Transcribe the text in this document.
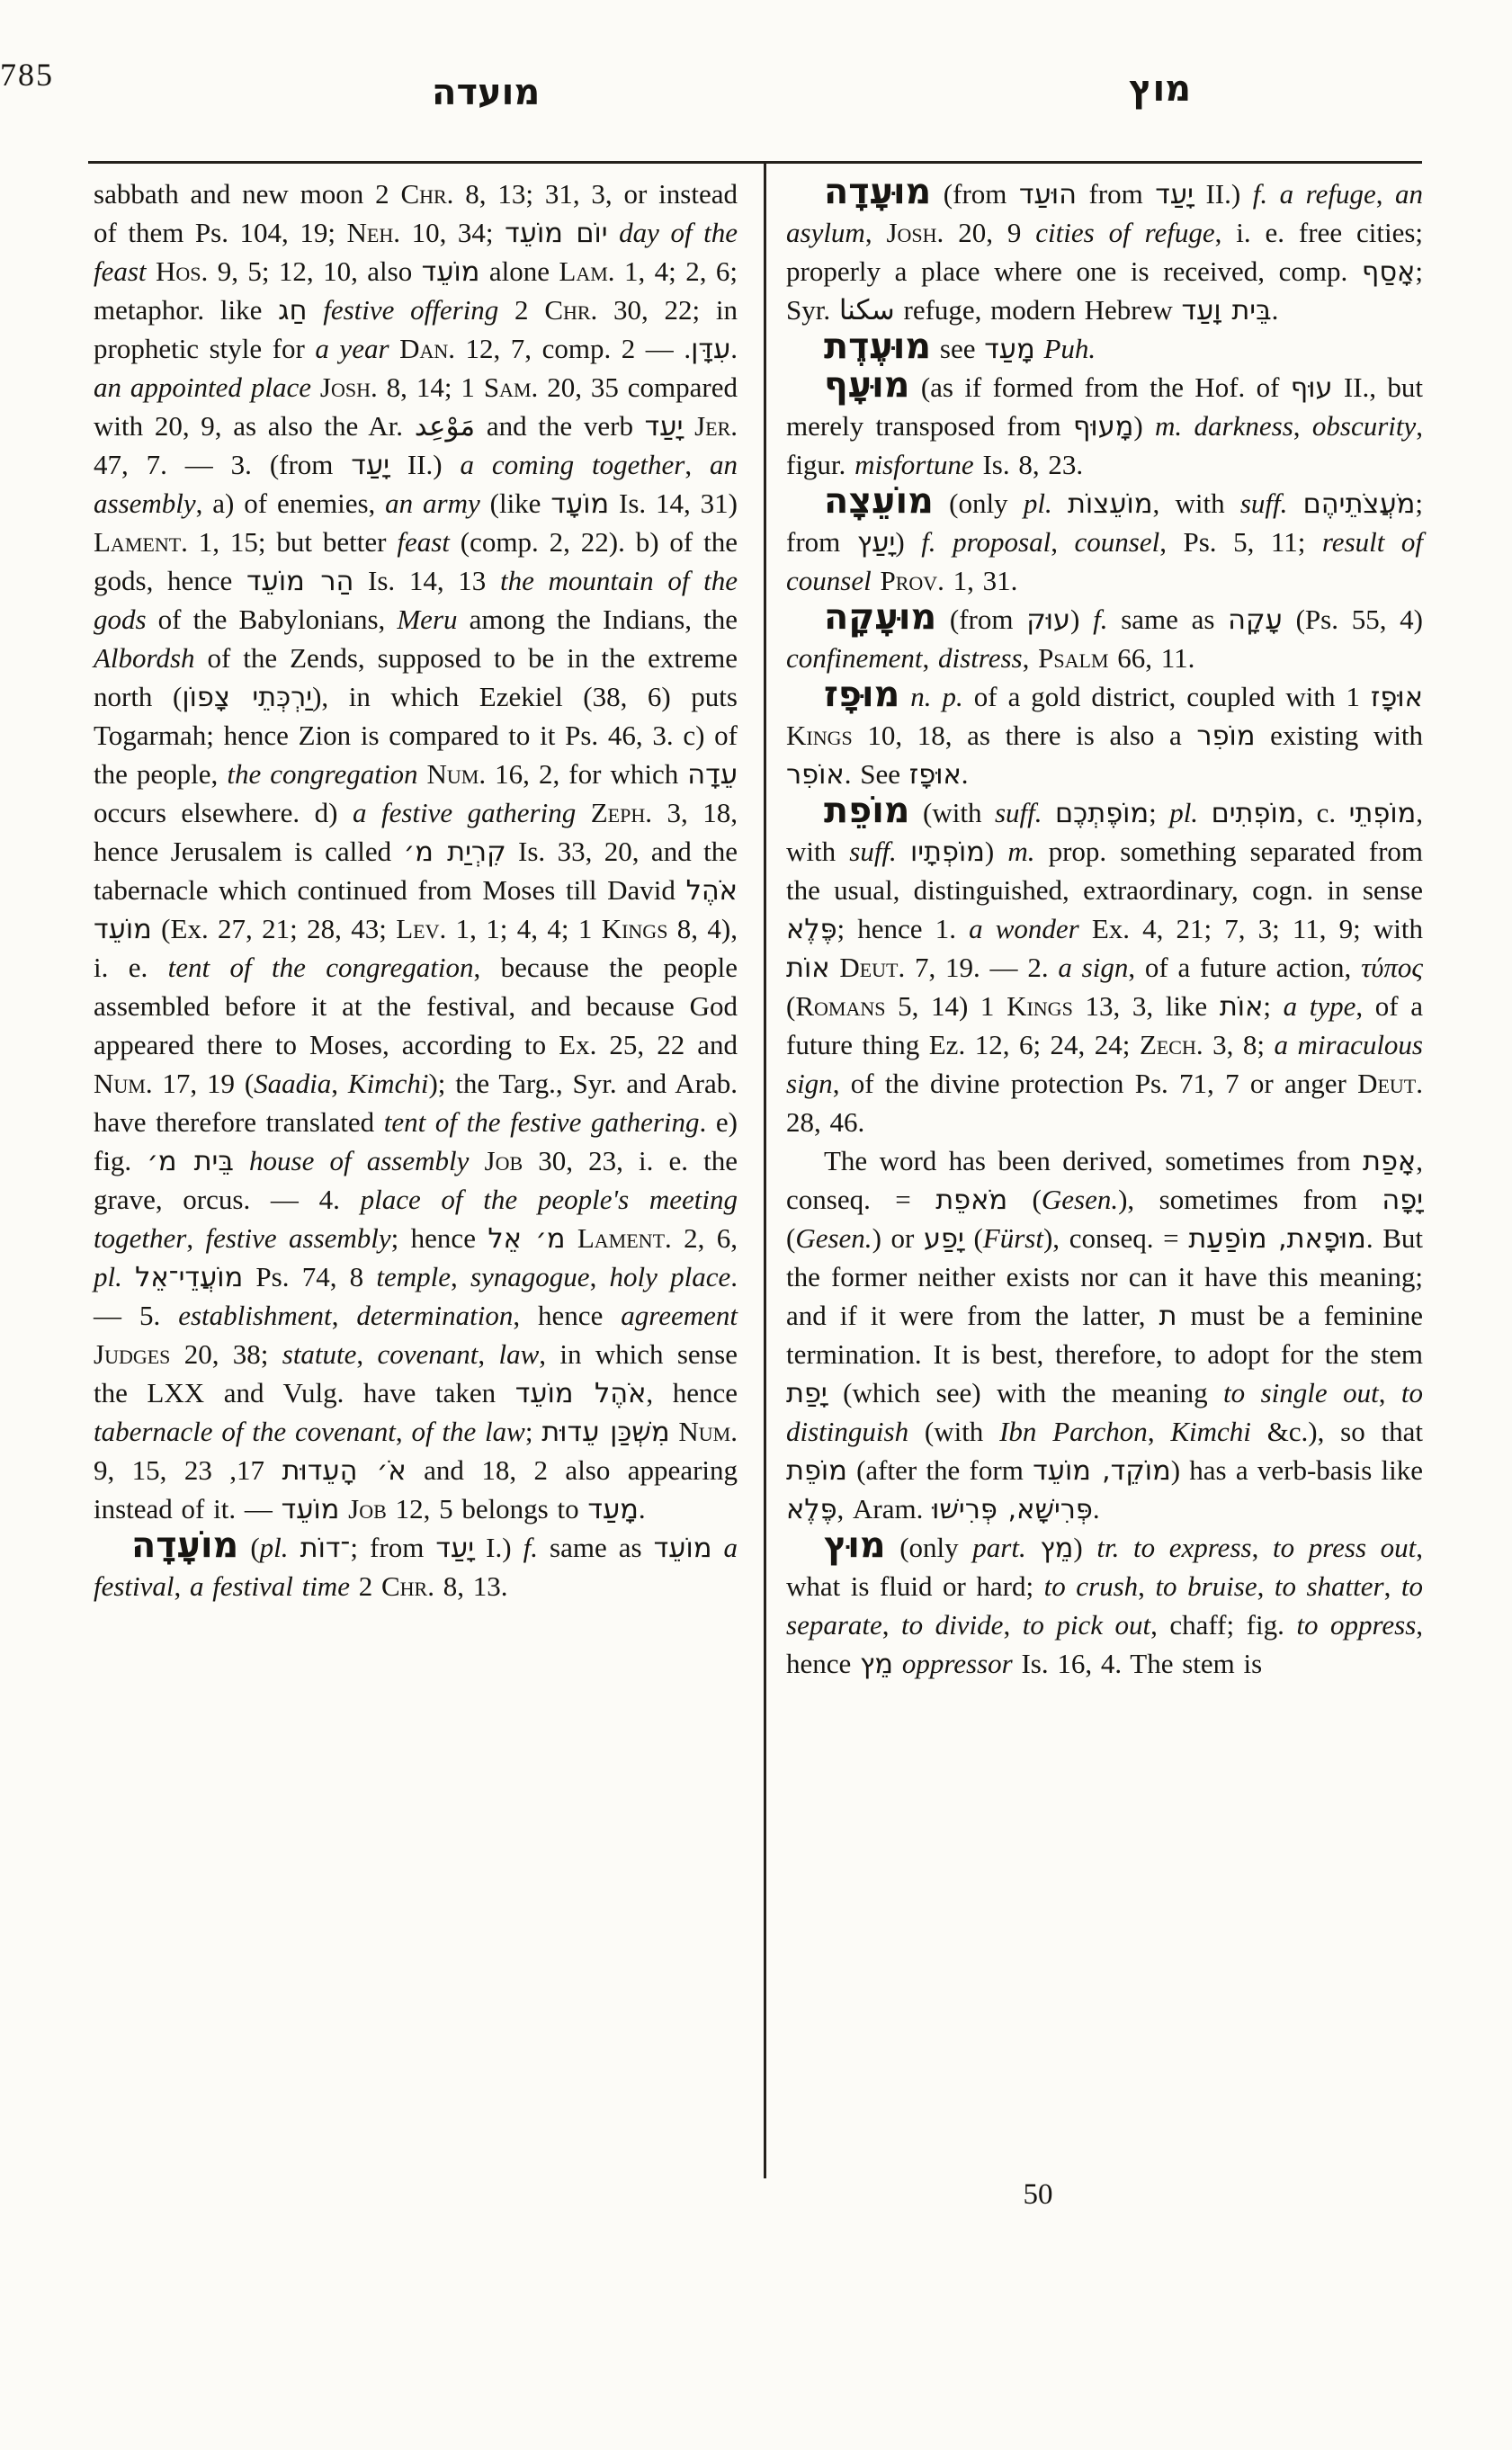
מועדה
785	מוץ

sabbath and new moon 2 Chr. 8, 13; 31, 3, or instead of them Ps. 104, 19; Neh. 10, 34; יוֹם מוֹעֵד day of the feast Hos. 9, 5; 12, 10, also מוֹעֵד alone Lam. 1, 4; 2, 6; metaphor. like חַג festive offering 2 Chr. 30, 22; in prophetic style for a year Dan. 12, 7, comp.	עִדָּן. — 2. an appointed place Josh. 8, 14; 1 Sam. 20, 35 compared with 20, 9, as also the Ar. مَوْعِد and the verb יָעַד Jer. 47, 7. — 3. (from יָעַד II.) a coming together, an assembly, a) of enemies, an army (like מוֹעָד Is. 14, 31) Lament. 1, 15; but better feast (comp. 2, 22). b) of the gods, hence הַר מוֹעֵד Is. 14, 13 the mountain of the gods of the Babylonians, Meru among the Indians, the Albordsh of the Zends, supposed to be in the extreme north (יַרְכְּתֵי צָפוֹן), in which Ezekiel (38, 6) puts Togarmah; hence Zion is compared to it Ps. 46, 3. c) of the people, the congregation Num. 16, 2, for which עֵדָה occurs elsewhere. d) a festive gathering Zeph. 3, 18, hence Jerusalem is called קִרְיַת מ׳ Is. 33, 20, and the tabernacle which continued from Moses till David אֹהֶל מוֹעֵד (Ex. 27, 21; 28, 43; Lev. 1, 1; 4, 4; 1 Kings 8, 4), i. e. tent of the congregation, because the people assembled before it at the festival, and because God appeared there to Moses, according to Ex. 25, 22 and Num. 17, 19 (Saadia, Kimchi); the Targ., Syr. and Arab. have therefore translated tent of the festive gathering. e) fig. בֵּית מ׳ house of assembly Job 30, 23, i. e. the grave, orcus. — 4. place of the people's meeting together, festive assembly; hence מ׳ אֵל Lament. 2, 6, pl. מוֹעֲדֵי־אֵל Ps. 74, 8 temple, synagogue, holy place. — 5. establishment, determination, hence agreement Judges 20, 38; statute, covenant, law, in which sense the LXX and Vulg. have taken אֹהֶל מוֹעֵד, hence tabernacle of the covenant, of the law; מִשְׁכַּן עֵדוּת Num. 9, 15,	אֹ׳ הָעֵדוּת 17, 23 and 18, 2 also appearing instead of it. — מוֹעֵד Job 12, 5 belongs to מָעַד.

מוֹעָדָה (pl. ־דוֹת; from יָעַד I.) f. same as מוֹעֵד a festival, a festival time 2 Chr. 8, 13.

מוּעָדָה (from הוּעַד from יָעַד II.) f. a refuge, an asylum, Josh. 20, 9 cities of refuge, i. e. free cities; properly a place where one is received, comp. אָסַף; Syr. سكنا refuge, modern Hebrew בֵּית וָעַד.

מוּעֶדֶת see מָעַד Puh.

מוּעָף (as if formed from the Hof. of עוּף II., but merely transposed from מָעוּף) m. darkness, obscurity, figur. misfortune Is. 8, 23.

מוֹעֵצָה (only pl. מוֹעֵצוֹת, with suff. מֹעֲצֹתֵיהֶם; from יָעַץ) f. proposal, counsel, Ps. 5, 11; result of counsel Prov. 1, 31.

מוּעָקָה (from עוּק) f. same as עָקָה (Ps. 55, 4) confinement, distress, Psalm 66, 11.

מוּפָז n. p. of a gold district, coupled with אוּפָז 1 Kings 10, 18, as there is also a מוֹפִר existing with אוֹפִר. See אוּפָז.

מוֹפֵת (with suff. מוֹפֶתְכֶם; pl. מוֹפְתִים, c. מוֹפְתֵי, with suff. מוֹפְתָיו) m. prop. something separated from the usual, distinguished, extraordinary, cogn. in sense פֶּלֶא; hence 1. a wonder Ex. 4, 21; 7, 3; 11, 9; with אוֹת Deut. 7, 19. — 2. a sign, of a future action, τύπος (Romans 5, 14) 1 Kings 13, 3, like אוֹת; a type, of a future thing Ez. 12, 6; 24, 24; Zech. 3, 8; a miraculous sign, of the divine protection Ps. 71, 7 or anger Deut. 28, 46.

The word has been derived, sometimes from אָפַת, conseq. = מֹאפֵת (Gesen.), sometimes from יָפָה (Gesen.) or יָפַע (Fürst), conseq. = מוּפָאת, מוֹפַעַת. But the former neither exists nor can it have this meaning; and if it were from the latter, ת must be a feminine termination. It is best, therefore, to adopt for the stem יָפַת (which see) with the meaning to single out, to distinguish (with Ibn Parchon, Kimchi &c.), so that מוֹפֵת (after the form מוֹקֵד, מוֹעֵד) has a verb-basis like פֶּלֶא, Aram. פְּרִישָׁא, פְּרִישׁוּ.

מוּץ (only part. מֵץ) tr. to express, to press out, what is fluid or hard; to crush, to bruise, to shatter, to separate, to divide, to pick out, chaff; fig. to oppress, hence מֵץ oppressor Is. 16, 4. The stem is

50
